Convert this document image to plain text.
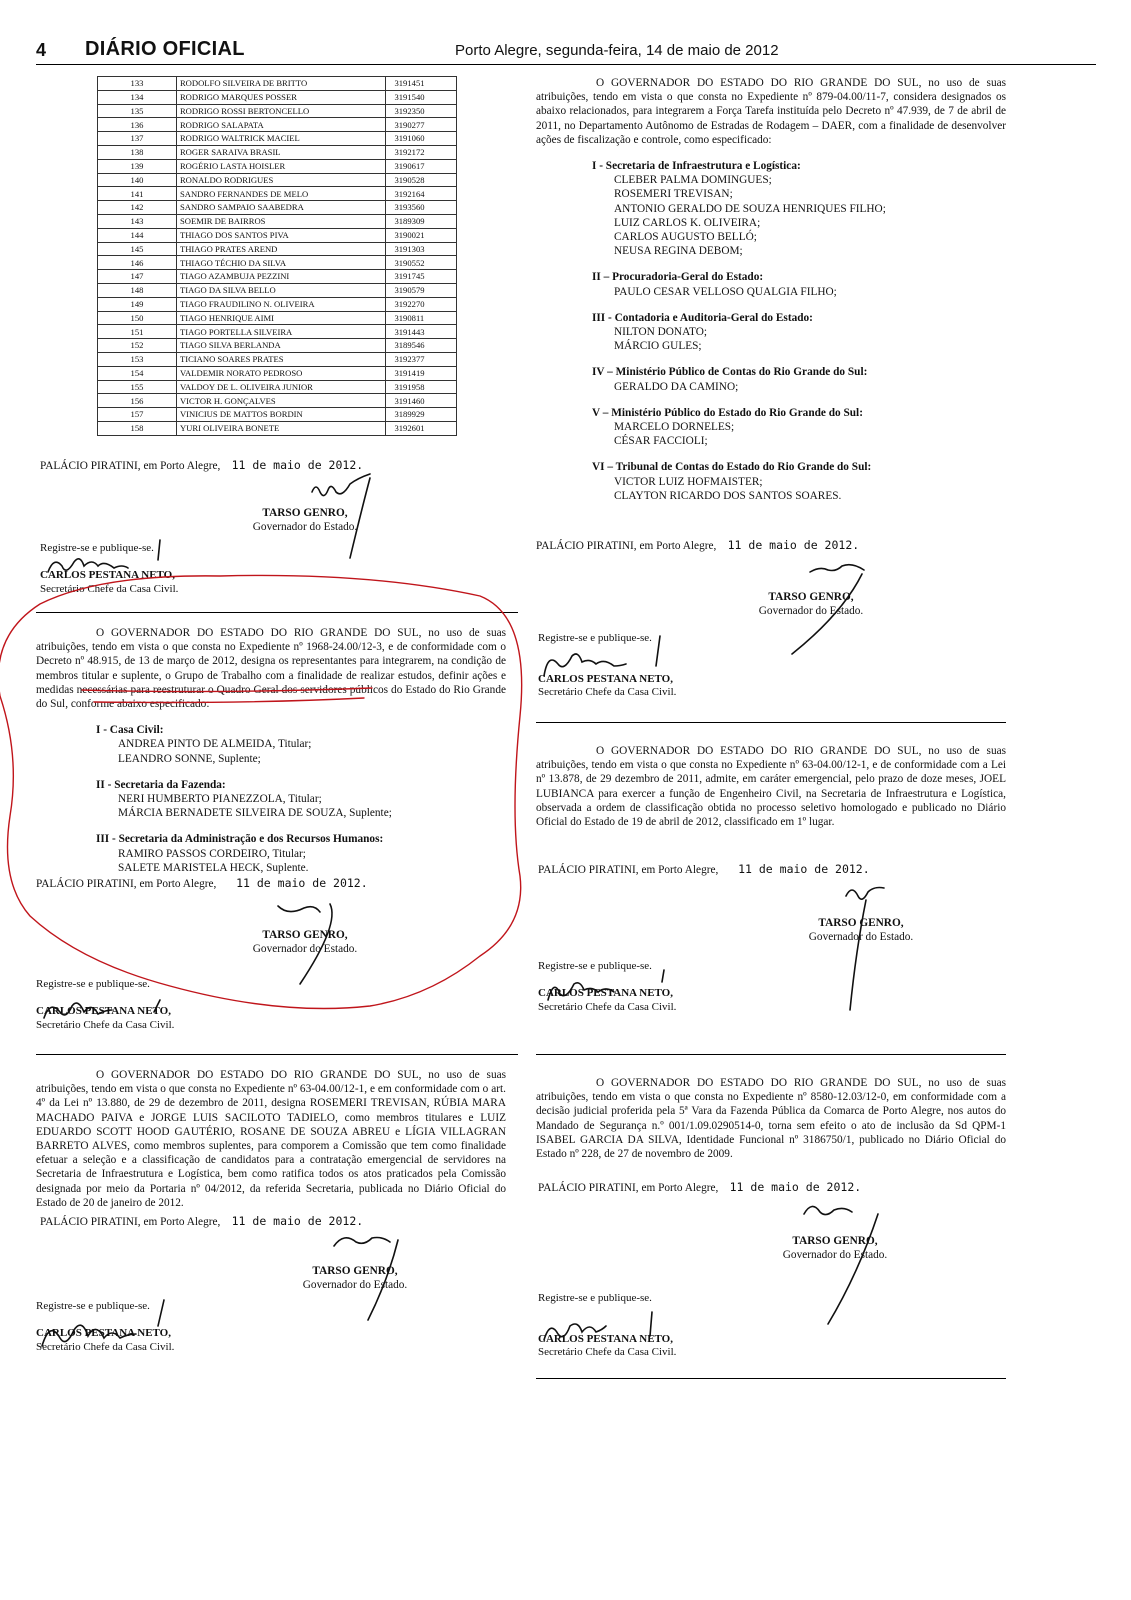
4 DIÁRIO OFICIAL	Porto Alegre, segunda-feira, 14 de maio de 2012
133	RODOLFO SILVEIRA DE BRITTO	3191451
134	RODRIGO MARQUES POSSER	3191540
135	RODRIGO ROSSI BERTONCELLO	3192350
136	RODRIGO SALAPATA	3190277
137	RODRIGO WALTRICK MACIEL	3191060
138	ROGER SARAIVA BRASIL	3192172
139	ROGÉRIO LASTA HOISLER	3190617
140	RONALDO RODRIGUES	3190528
141	SANDRO FERNANDES DE MELO	3192164
142	SANDRO SAMPAIO SAABEDRA	3193560
143	SOEMIR DE BAIRROS	3189309
144	THIAGO DOS SANTOS PIVA	3190021
145	THIAGO PRATES AREND	3191303
146	THIAGO TÉCHIO DA SILVA	3190552
147	TIAGO AZAMBUJA PEZZINI	3191745
148	TIAGO DA SILVA BELLO	3190579
149	TIAGO FRAUDILINO N. OLIVEIRA	3192270
150	TIAGO HENRIQUE AIMI	3190811
151	TIAGO PORTELLA SILVEIRA	3191443
152	TIAGO SILVA BERLANDA	3189546
153	TICIANO SOARES PRATES	3192377
154	VALDEMIR NORATO PEDROSO	3191419
155	VALDOY DE L. OLIVEIRA JUNIOR	3191958
156	VICTOR H. GONÇALVES	3191460
157	VINICIUS DE MATTOS BORDIN	3189929
158	YURI OLIVEIRA BONETE	3192601
PALÁCIO PIRATINI, em Porto Alegre, 11 de maio de 2012.
TARSO GENRO,
Governador do Estado.
Registre-se e publique-se.

CARLOS PESTANA NETO,
Secretário Chefe da Casa Civil.

O GOVERNADOR DO ESTADO DO RIO GRANDE DO SUL, no uso de suas atribuições, tendo em vista o que consta no Expediente nº 1968-24.00/12-3, e de conformidade com o Decreto nº 48.915, de 13 de março de 2012, designa os representantes para integrarem, na condição de membros titular e suplente, o Grupo de Trabalho com a finalidade de realizar estudos, definir ações e medidas necessárias para reestruturar o Quadro Geral dos servidores públicos do Estado do Rio Grande do Sul, conforme abaixo especificado:

I - Casa Civil:
ANDREA PINTO DE ALMEIDA, Titular;
LEANDRO SONNE, Suplente;
II - Secretaria da Fazenda:
NERI HUMBERTO PIANEZZOLA, Titular;
MÁRCIA BERNADETE SILVEIRA DE SOUZA, Suplente;
III - Secretaria da Administração e dos Recursos Humanos:
RAMIRO PASSOS CORDEIRO, Titular;
SALETE MARISTELA HECK, Suplente.
PALÁCIO PIRATINI, em Porto Alegre, 11 de maio de 2012.
TARSO GENRO,
Governador do Estado.
Registre-se e publique-se.

CARLOS PESTANA NETO,
Secretário Chefe da Casa Civil.

O GOVERNADOR DO ESTADO DO RIO GRANDE DO SUL, no uso de suas atribuições, tendo em vista o que consta no Expediente nº 63-04.00/12-1, e em conformidade com o art. 4º da Lei nº 13.880, de 29 de dezembro de 2011, designa ROSEMERI TREVISAN, RÚBIA MARA MACHADO PAIVA e JORGE LUIS SACILOTO TADIELO, como membros titulares e LUIZ EDUARDO SCOTT HOOD GAUTÉRIO, ROSANE DE SOUZA ABREU e LÍGIA VILLAGRAN BARRETO ALVES, como membros suplentes, para comporem a Comissão que tem como finalidade efetuar a seleção e a classificação de candidatos para a contratação emergencial de servidores na Secretaria de Infraestrutura e Logística, bem como ratifica todos os atos praticados pela Comissão designada por meio da Portaria nº 04/2012, da referida Secretaria, publicada no Diário Oficial do Estado de 20 de janeiro de 2012.

PALÁCIO PIRATINI, em Porto Alegre, 11 de maio de 2012.
TARSO GENRO,
Governador do Estado.
Registre-se e publique-se.

CARLOS PESTANA NETO,
Secretário Chefe da Casa Civil.

O GOVERNADOR DO ESTADO DO RIO GRANDE DO SUL, no uso de suas atribuições, tendo em vista o que consta no Expediente nº 879-04.00/11-7, considera designados os abaixo relacionados, para integrarem a Força Tarefa instituída pelo Decreto nº 47.939, de 7 de abril de 2011, no Departamento Autônomo de Estradas de Rodagem – DAER, com a finalidade de desenvolver ações de fiscalização e controle, como especificado:

I - Secretaria de Infraestrutura e Logística:
CLEBER PALMA DOMINGUES;
ROSEMERI TREVISAN;
ANTONIO GERALDO DE SOUZA HENRIQUES FILHO;
LUIZ CARLOS K. OLIVEIRA;
CARLOS AUGUSTO BELLÓ;
NEUSA REGINA DEBOM;
II – Procuradoria-Geral do Estado:
PAULO CESAR VELLOSO QUALGIA FILHO;
III - Contadoria e Auditoria-Geral do Estado:
NILTON DONATO;
MÁRCIO GULES;
IV – Ministério Público de Contas do Rio Grande do Sul:
GERALDO DA CAMINO;
V – Ministério Público do Estado do Rio Grande do Sul:
MARCELO DORNELES;
CÉSAR FACCIOLI;
VI – Tribunal de Contas do Estado do Rio Grande do Sul:
VICTOR LUIZ HOFMAISTER;
CLAYTON RICARDO DOS SANTOS SOARES.
PALÁCIO PIRATINI, em Porto Alegre, 11 de maio de 2012.
TARSO GENRO,
Governador do Estado.
Registre-se e publique-se.

CARLOS PESTANA NETO,
Secretário Chefe da Casa Civil.

O GOVERNADOR DO ESTADO DO RIO GRANDE DO SUL, no uso de suas atribuições, tendo em vista o que consta no Expediente nº 63-04.00/12-1, e de conformidade com a Lei nº 13.878, de 29 dezembro de 2011, admite, em caráter emergencial, pelo prazo de doze meses, JOEL LUBIANCA para exercer a função de Engenheiro Civil, na Secretaria de Infraestrutura e Logística, observada a ordem de classificação obtida no processo seletivo homologado e publicado no Diário Oficial do Estado de 19 de abril de 2012, classificado em 1º lugar.

PALÁCIO PIRATINI, em Porto Alegre, 11 de maio de 2012.
TARSO GENRO,
Governador do Estado.
Registre-se e publique-se.

CARLOS PESTANA NETO,
Secretário Chefe da Casa Civil.

O GOVERNADOR DO ESTADO DO RIO GRANDE DO SUL, no uso de suas atribuições, tendo em vista o que consta no Expediente nº 8580-12.03/12-0, em conformidade com a decisão judicial proferida pela 5ª Vara da Fazenda Pública da Comarca de Porto Alegre, nos autos do Mandado de Segurança n.º 001/1.09.0290514-0, torna sem efeito o ato de inclusão da Sd QPM-1 ISABEL GARCIA DA SILVA, Identidade Funcional nº 3186750/1, publicado no Diário Oficial do Estado nº 228, de 27 de novembro de 2009.

PALÁCIO PIRATINI, em Porto Alegre, 11 de maio de 2012.
TARSO GENRO,
Governador do Estado.
Registre-se e publique-se.

CARLOS PESTANA NETO,
Secretário Chefe da Casa Civil.
